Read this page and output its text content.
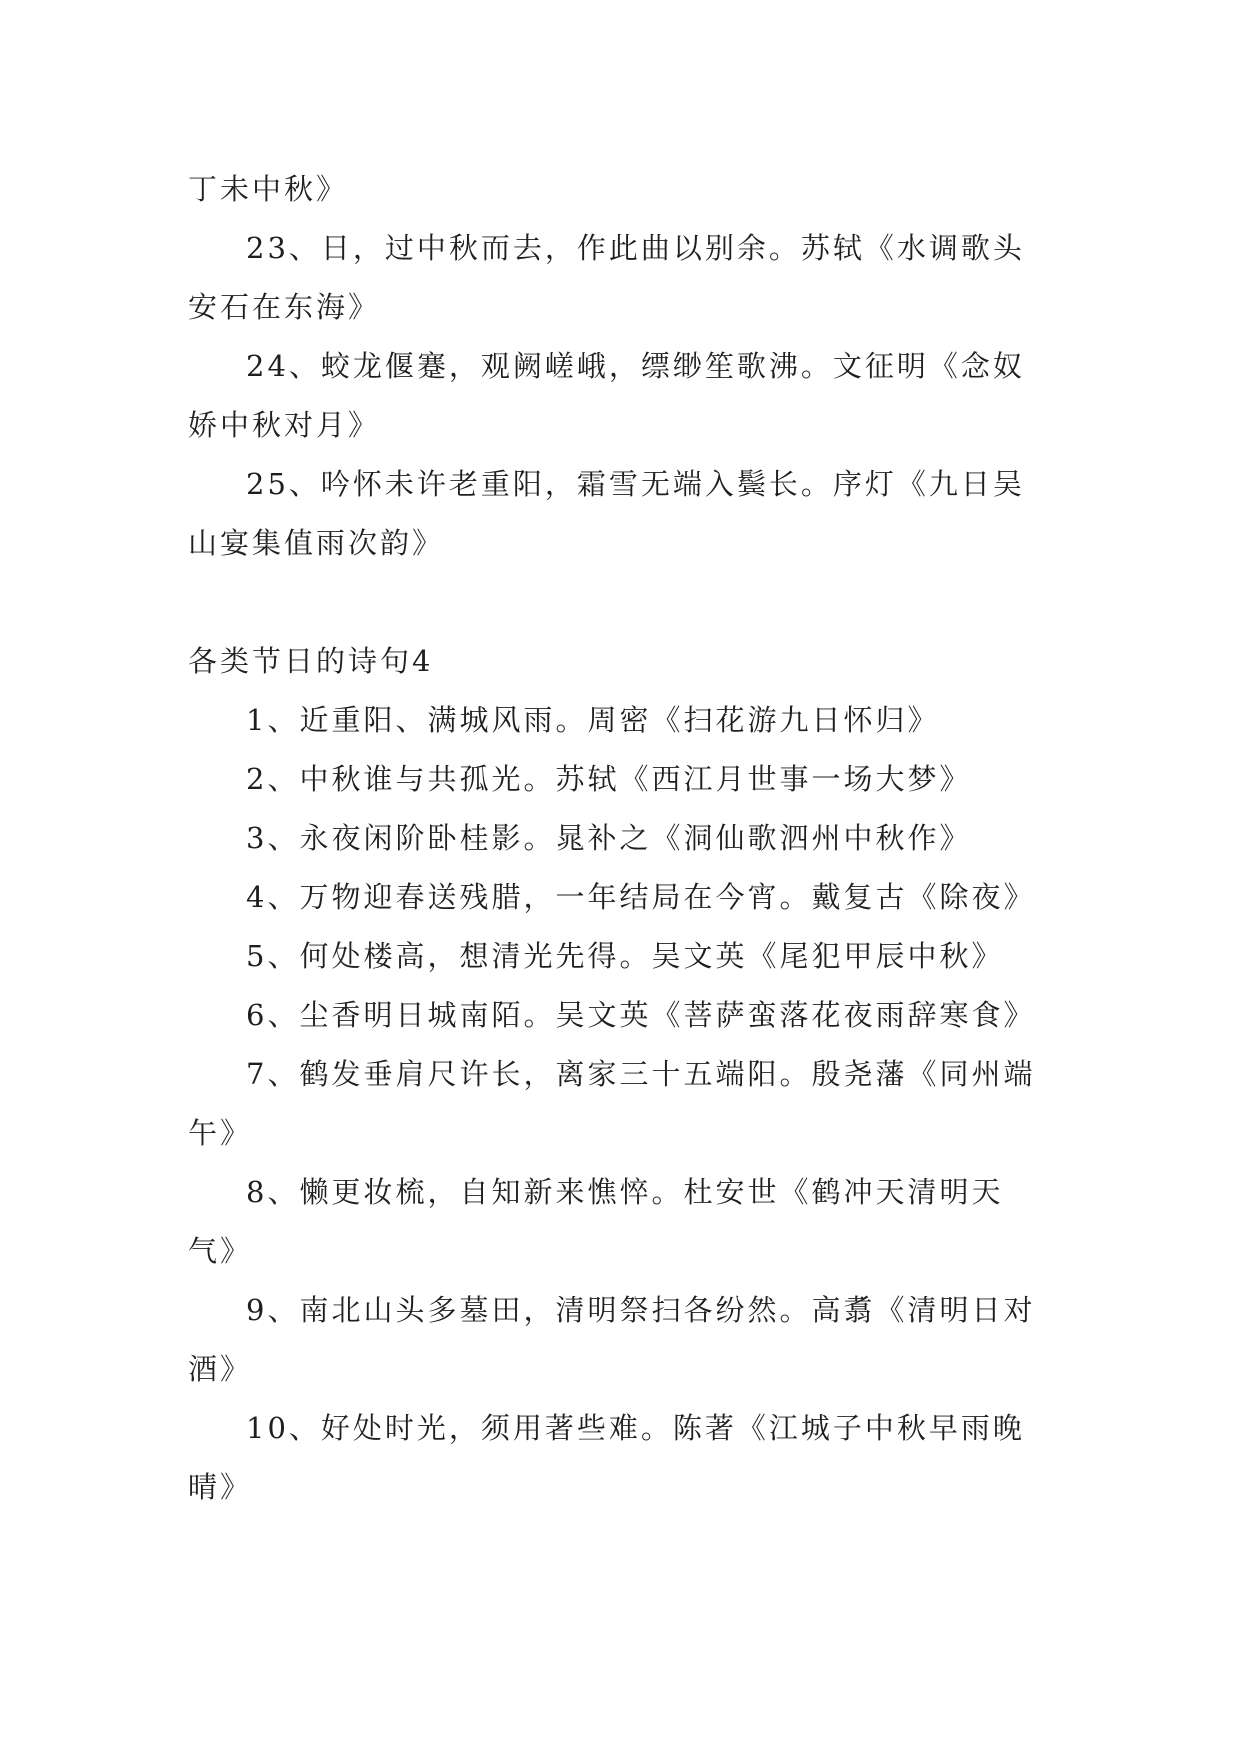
丁未中秋》

23、日，过中秋而去，作此曲以别余。苏轼《水调歌头安石在东海》

24、蛟龙偃蹇，观阙嵯峨，缥缈笙歌沸。文征明《念奴娇中秋对月》

25、吟怀未许老重阳，霜雪无端入鬓长。序灯《九日吴山宴集值雨次韵》

各类节日的诗句4

1、近重阳、满城风雨。周密《扫花游九日怀归》

2、中秋谁与共孤光。苏轼《西江月世事一场大梦》

3、永夜闲阶卧桂影。晁补之《洞仙歌泗州中秋作》

4、万物迎春送残腊，一年结局在今宵。戴复古《除夜》

5、何处楼高，想清光先得。吴文英《尾犯甲辰中秋》

6、尘香明日城南陌。吴文英《菩萨蛮落花夜雨辞寒食》

7、鹤发垂肩尺许长，离家三十五端阳。殷尧藩《同州端午》

8、懒更妆梳，自知新来憔悴。杜安世《鹤冲天清明天气》

9、南北山头多墓田，清明祭扫各纷然。高翥《清明日对酒》

10、好处时光，须用著些难。陈著《江城子中秋早雨晚晴》
